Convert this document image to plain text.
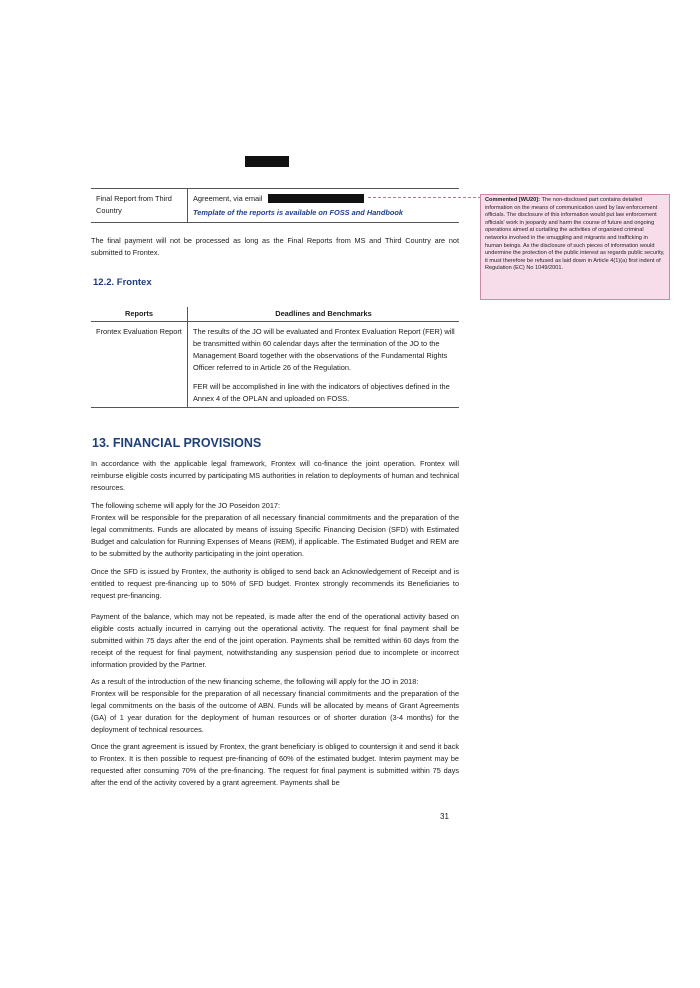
Final Report from Third Country
Agreement, via email
Template of the reports is available on FOSS and Handbook
Commented [WU20]: The non-disclosed part contains detailed information on the means of communication used by law enforcement officials. The disclosure of this information would put law enforcement officials' work in jeopardy and harm the course of future and ongoing operations aimed at curtailing the activities of organized criminal networks involved in the smuggling and migrants and trafficking in human beings. As the disclosure of such pieces of information would undermine the protection of the public interest as regards public security, it must therefore be refused as laid down in Article 4(1)(a) first indent of Regulation (EC) No 1049/2001.
The final payment will not be processed as long as the Final Reports from MS and Third Country are not submitted to Frontex.
12.2. Frontex
Reports	Deadlines and Benchmarks
Frontex Evaluation Report The results of the JO will be evaluated and Frontex Evaluation Report (FER) will be transmitted within 60 calendar days after the termination of the JO to the Management Board together with the observations of the Fundamental Rights Officer referred to in Article 26 of the Regulation.
FER will be accomplished in line with the indicators of objectives defined in the Annex 4 of the OPLAN and uploaded on FOSS.
13. FINANCIAL PROVISIONS
In accordance with the applicable legal framework, Frontex will co-finance the joint operation. Frontex will reimburse eligible costs incurred by participating MS authorities in relation to deployments of human and technical resources.
The following scheme will apply for the JO Poseidon 2017:
Frontex will be responsible for the preparation of all necessary financial commitments and the preparation of the legal commitments. Funds are allocated by means of issuing Specific Financing Decision (SFD) with Estimated Budget and calculation for Running Expenses of Means (REM), if applicable. The Estimated Budget and REM are to be submitted by the authority participating in the joint operation.
Once the SFD is issued by Frontex, the authority is obliged to send back an Acknowledgement of Receipt and is entitled to request pre-financing up to 50% of SFD budget. Frontex strongly recommends its Beneficiaries to request pre-financing.
Payment of the balance, which may not be repeated, is made after the end of the operational activity based on eligible costs actually incurred in carrying out the operational activity. The request for final payment shall be submitted within 75 days after the end of the joint operation. Payments shall be remitted within 60 days from the receipt of the request for final payment, notwithstanding any suspension period due to incomplete or incorrect information provided by the Partner.
As a result of the introduction of the new financing scheme, the following will apply for the JO in 2018:
Frontex will be responsible for the preparation of all necessary financial commitments and the preparation of the legal commitments on the basis of the outcome of ABN. Funds will be allocated by means of Grant Agreements (GA) of 1 year duration for the deployment of human resources or of shorter duration (3-4 months) for the deployment of technical resources.
Once the grant agreement is issued by Frontex, the grant beneficiary is obliged to countersign it and send it back to Frontex. It is then possible to request pre-financing of 60% of the estimated budget. Interim payment may be requested after consuming 70% of the pre-financing. The request for final payment is submitted within 75 days after the end of the activity covered by a grant agreement. Payments shall be
31
